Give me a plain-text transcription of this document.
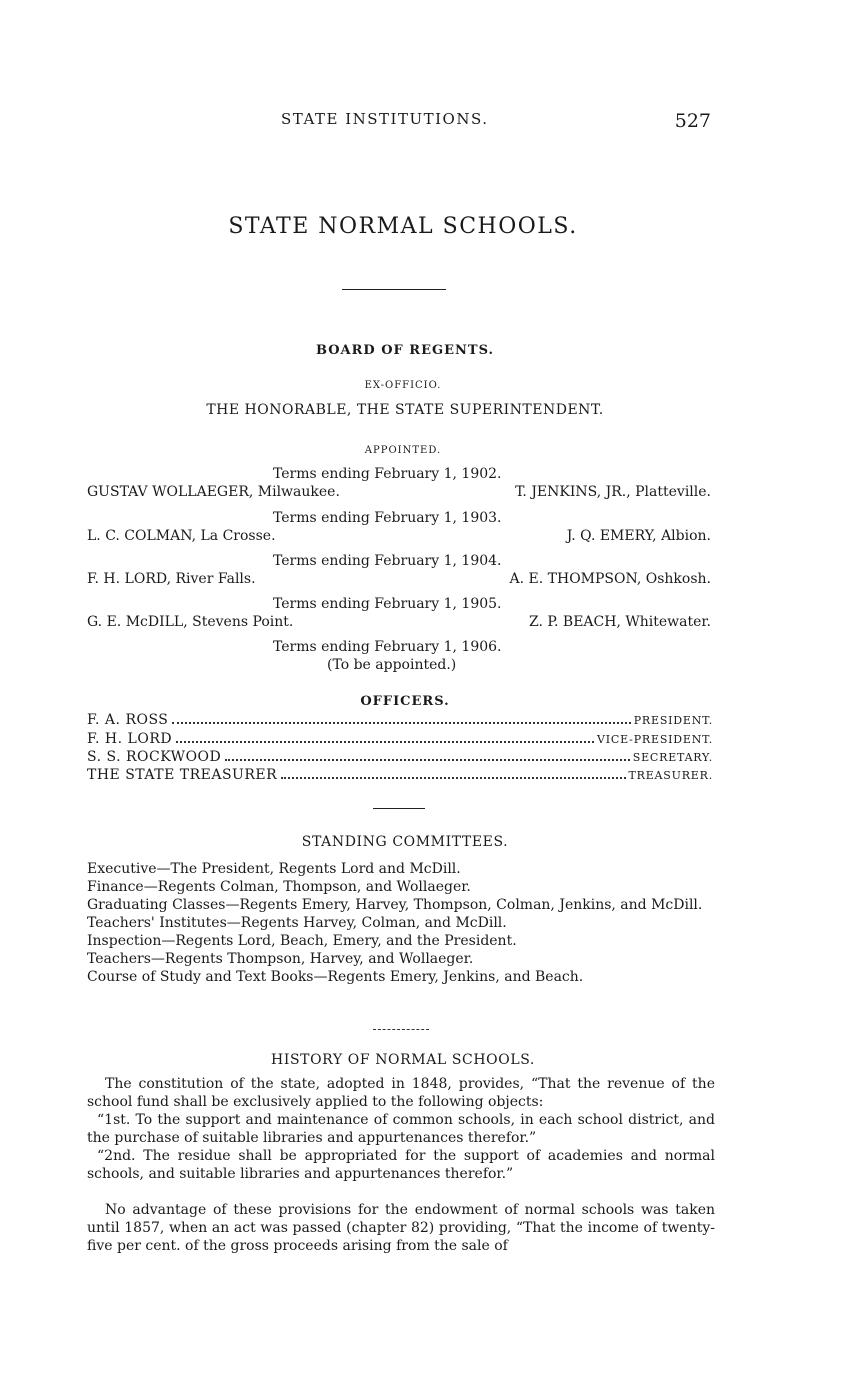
STATE INSTITUTIONS.	527
STATE NORMAL SCHOOLS.
BOARD OF REGENTS.
EX-OFFICIO.
THE HONORABLE, THE STATE SUPERINTENDENT.
APPOINTED.
Terms ending February 1, 1902.
GUSTAV WOLLAEGER, Milwaukee.	T. JENKINS, JR., Platteville.
Terms ending February 1, 1903.
L. C. COLMAN, La Crosse.	J. Q. EMERY, Albion.
Terms ending February 1, 1904.
F. H. LORD, River Falls.	A. E. THOMPSON, Oshkosh.
Terms ending February 1, 1905.
G. E. McDILL, Stevens Point.	Z. P. BEACH, Whitewater.
Terms ending February 1, 1906.
(To be appointed.)
OFFICERS.
F. A. ROSS	PRESIDENT.
F. H. LORD	VICE-PRESIDENT.
S. S. ROCKWOOD	SECRETARY.
THE STATE TREASURER	TREASURER.
STANDING COMMITTEES.
Executive—The President, Regents Lord and McDill.
Finance—Regents Colman, Thompson, and Wollaeger.
Graduating Classes—Regents Emery, Harvey, Thompson, Colman, Jenkins, and McDill.
Teachers' Institutes—Regents Harvey, Colman, and McDill.
Inspection—Regents Lord, Beach, Emery, and the President.
Teachers—Regents Thompson, Harvey, and Wollaeger.
Course of Study and Text Books—Regents Emery, Jenkins, and Beach.
HISTORY OF NORMAL SCHOOLS.

The constitution of the state, adopted in 1848, provides, “That the revenue of the school fund shall be exclusively applied to the following objects:

“1st. To the support and maintenance of common schools, in each school district, and the purchase of suitable libraries and appurtenances therefor.”

“2nd. The residue shall be appropriated for the support of academies and normal schools, and suitable libraries and appurtenances therefor.”

No advantage of these provisions for the endowment of normal schools was taken until 1857, when an act was passed (chapter 82) providing, “That the income of twenty-five per cent. of the gross proceeds arising from the sale of
